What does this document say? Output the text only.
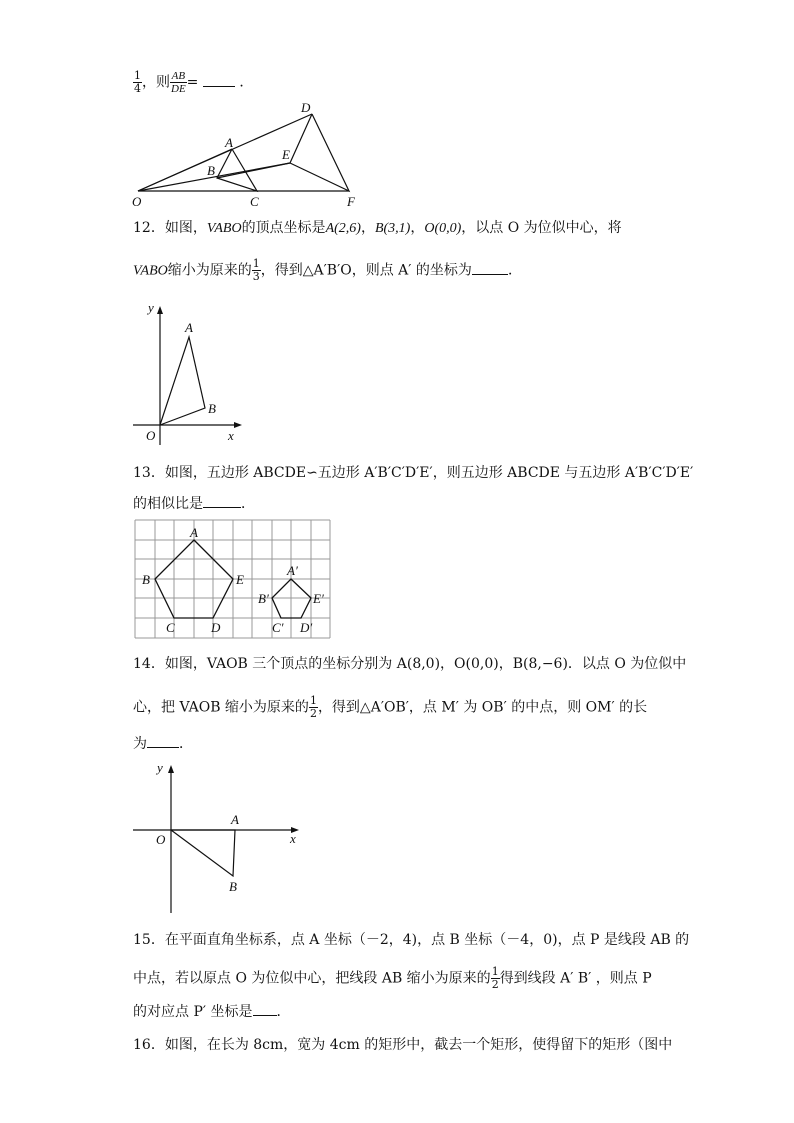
$\frac{1}{4}$ ，则 $\frac{AB}{DE}$ =	．
D
A
E
B
O	C	F
12．如图，VABO的顶点坐标是A(2,6)，B(3,1)，O(0,0)，以点 O 为位似中心，将
VABO缩小为原来的 $\frac{1}{3}$ ，得到△A′B′O，则点 A′ 的坐标为	．
y
A
B
O	x
13．如图，五边形 ABCDE∽五边形 A′B′C′D′E′，则五边形 ABCDE 与五边形 A′B′C′D′E′
的相似比是	．
A
B	E
C	D
A′
B′	E′
C′ D′
14．如图，VAOB 三个顶点的坐标分别为 A(8,0)，O(0,0)，B(8,−6)．以点 O 为位似中
心，把 VAOB 缩小为原来的 $\frac{1}{2}$ ，得到△A′OB′，点 M′ 为 OB′ 的中点，则 OM′ 的长
为 ．
y
A
O	x
B
15．在平面直角坐标系，点 A 坐标（－2，4)，点 B 坐标（－4，0)，点 P 是线段 AB 的
中点，若以原点 O 为位似中心，把线段 AB 缩小为原来的 $\frac{1}{2}$ 得到线段 A′ B′ ，则点 P
的对应点 P′ 坐标是 ．
16．如图，在长为 8cm，宽为 4cm 的矩形中，截去一个矩形，使得留下的矩形（图中
